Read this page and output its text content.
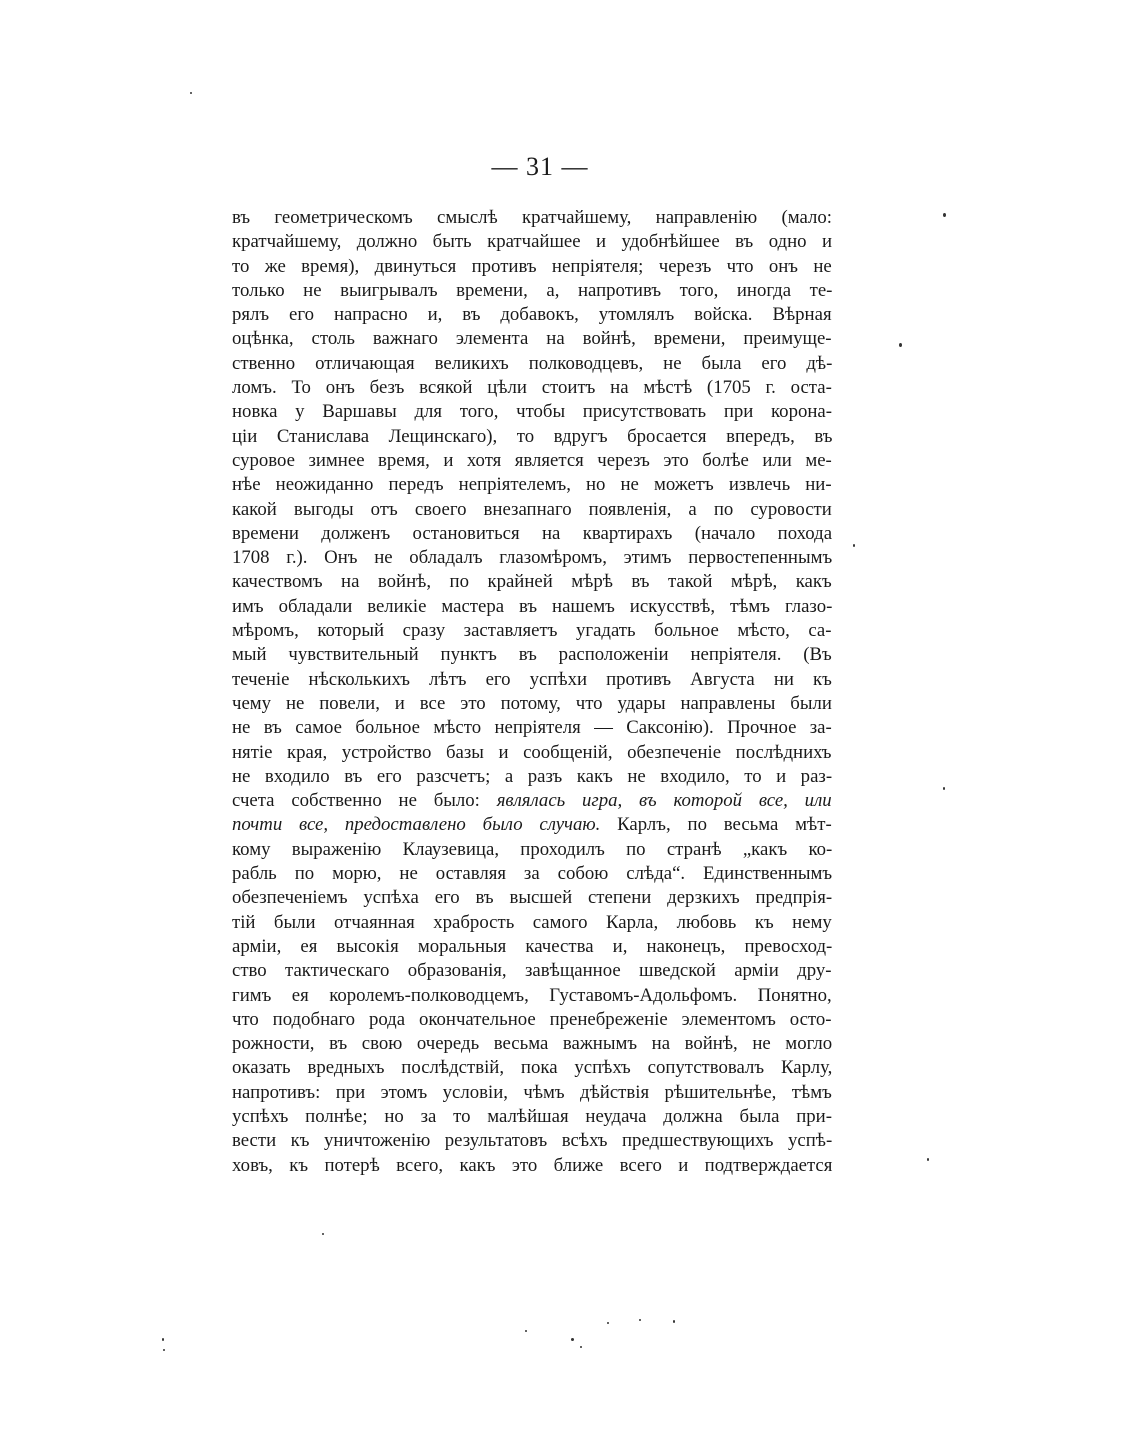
— 31 —
въ геометрическомъ смыслѣ кратчайшему, направленію (мало:
кратчайшему, должно быть кратчайшее и удобнѣйшее въ одно и
то же время), двинуться противъ непріятеля; черезъ что онъ не
только не выигрывалъ времени, а, напротивъ того, иногда те-
рялъ его напрасно и, въ добавокъ, утомлялъ войска. Вѣрная
оцѣнка, столь важнаго элемента на войнѣ, времени, преимуще-
ственно отличающая великихъ полководцевъ, не была его дѣ-
ломъ. То онъ безъ всякой цѣли стоитъ на мѣстѣ (1705 г. оста-
новка у Варшавы для того, чтобы присутствовать при корона-
ціи Станислава Лещинскаго), то вдругъ бросается впередъ, въ
суровое зимнее время, и хотя является черезъ это болѣе или ме-
нѣе неожиданно передъ непріятелемъ, но не можетъ извлечь ни-
какой выгоды отъ своего внезапнаго появленія, а по суровости
времени долженъ остановиться на квартирахъ (начало похода
1708 г.). Онъ не обладалъ глазомѣромъ, этимъ первостепеннымъ
качествомъ на войнѣ, по крайней мѣрѣ въ такой мѣрѣ, какъ
имъ обладали великіе мастера въ нашемъ искусствѣ, тѣмъ глазо-
мѣромъ, который сразу заставляетъ угадать больное мѣсто, са-
мый чувствительный пунктъ въ расположеніи непріятеля. (Въ
теченіе нѣсколькихъ лѣтъ его успѣхи противъ Августа ни къ
чему не повели, и все это потому, что удары направлены были
не въ самое больное мѣсто непріятеля — Саксонію). Прочное за-
нятіе края, устройство базы и сообщеній, обезпеченіе послѣднихъ
не входило въ его разсчетъ; а разъ какъ не входило, то и раз-
счета собственно не было: являлась игра, въ которой все, или
почти все, предоставлено было случаю. Карлъ, по весьма мѣт-
кому выраженію Клаузевица, проходилъ по странѣ „какъ ко-
рабль по морю, не оставляя за собою слѣда“. Единственнымъ
обезпеченіемъ успѣха его въ высшей степени дерзкихъ предпрія-
тій были отчаянная храбрость самого Карла, любовь къ нему
арміи, ея высокія моральныя качества и, наконецъ, превосход-
ство тактическаго образованія, завѣщанное шведской арміи дру-
гимъ ея королемъ-полководцемъ, Густавомъ-Адольфомъ. Понятно,
что подобнаго рода окончательное пренебреженіе элементомъ осто-
рожности, въ свою очередь весьма важнымъ на войнѣ, не могло
оказать вредныхъ послѣдствій, пока успѣхъ сопутствовалъ Карлу,
напротивъ: при этомъ условіи, чѣмъ дѣйствія рѣшительнѣе, тѣмъ
успѣхъ полнѣе; но за то малѣйшая неудача должна была при-
вести къ уничтоженію результатовъ всѣхъ предшествующихъ успѣ-
ховъ, къ потерѣ всего, какъ это ближе всего и подтверждается
